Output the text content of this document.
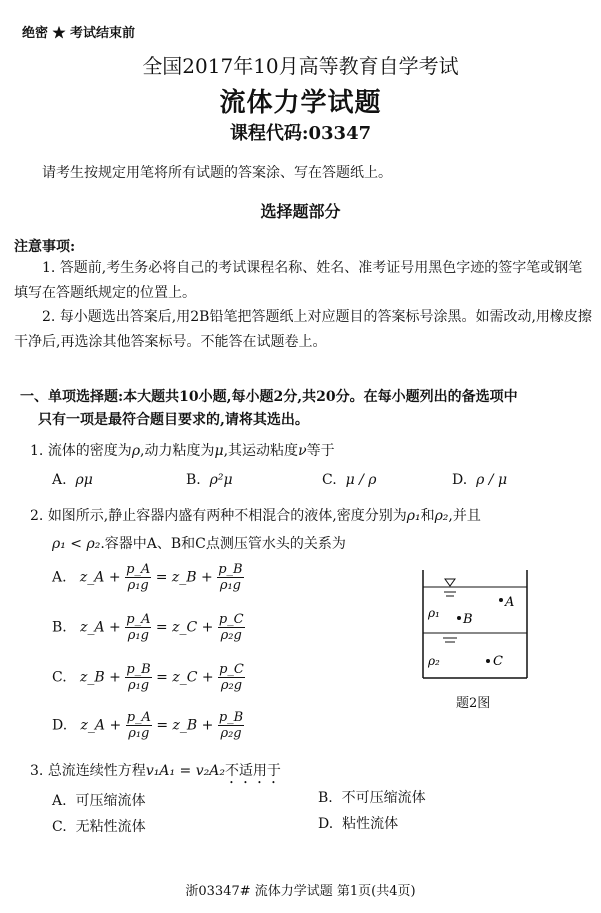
绝密 ★ 考试结束前
全国2017年10月高等教育自学考试
流体力学试题
课程代码:03347
请考生按规定用笔将所有试题的答案涂、写在答题纸上。
选择题部分
注意事项:
1. 答题前,考生务必将自己的考试课程名称、姓名、准考证号用黑色字迹的签字笔或钢笔填写在答题纸规定的位置上。
2. 每小题选出答案后,用2B铅笔把答题纸上对应题目的答案标号涂黑。如需改动,用橡皮擦干净后,再选涂其他答案标号。不能答在试题卷上。
一、单项选择题:本大题共10小题,每小题2分,共20分。在每小题列出的备选项中
只有一项是最符合题目要求的,请将其选出。
1. 流体的密度为ρ,动力粘度为μ,其运动粘度ν等于
A. ρμ	B. ρ²μ	C. μ / ρ	D. ρ / μ
2. 如图所示,静止容器内盛有两种不相混合的液体,密度分别为ρ₁和ρ₂,并且
ρ₁ < ρ₂.容器中A、B和C点测压管水头的关系为
A. z_A + $\frac{p\_A}{\text{ρ₁g}}$ = z_B + $\frac{p\_B}{\text{ρ₁g}}$
B. z_A + $\frac{p\_A}{\text{ρ₁g}}$ = z_C + $\frac{p\_C}{\text{ρ₂g}}$
C. z_B + $\frac{p\_B}{\text{ρ₁g}}$ = z_C + $\frac{p\_C}{\text{ρ₂g}}$
D. z_A + $\frac{p\_A}{\text{ρ₁g}}$ = z_B + $\frac{p\_B}{\text{ρ₂g}}$
A
B
C
ρ₁
ρ₂
题2图
3. 总流连续性方程v₁A₁ = v₂A₂不适用于
A. 可压缩流体	B. 不可压缩流体
C. 无粘性流体	D. 粘性流体
浙03347# 流体力学试题 第1页(共4页)
